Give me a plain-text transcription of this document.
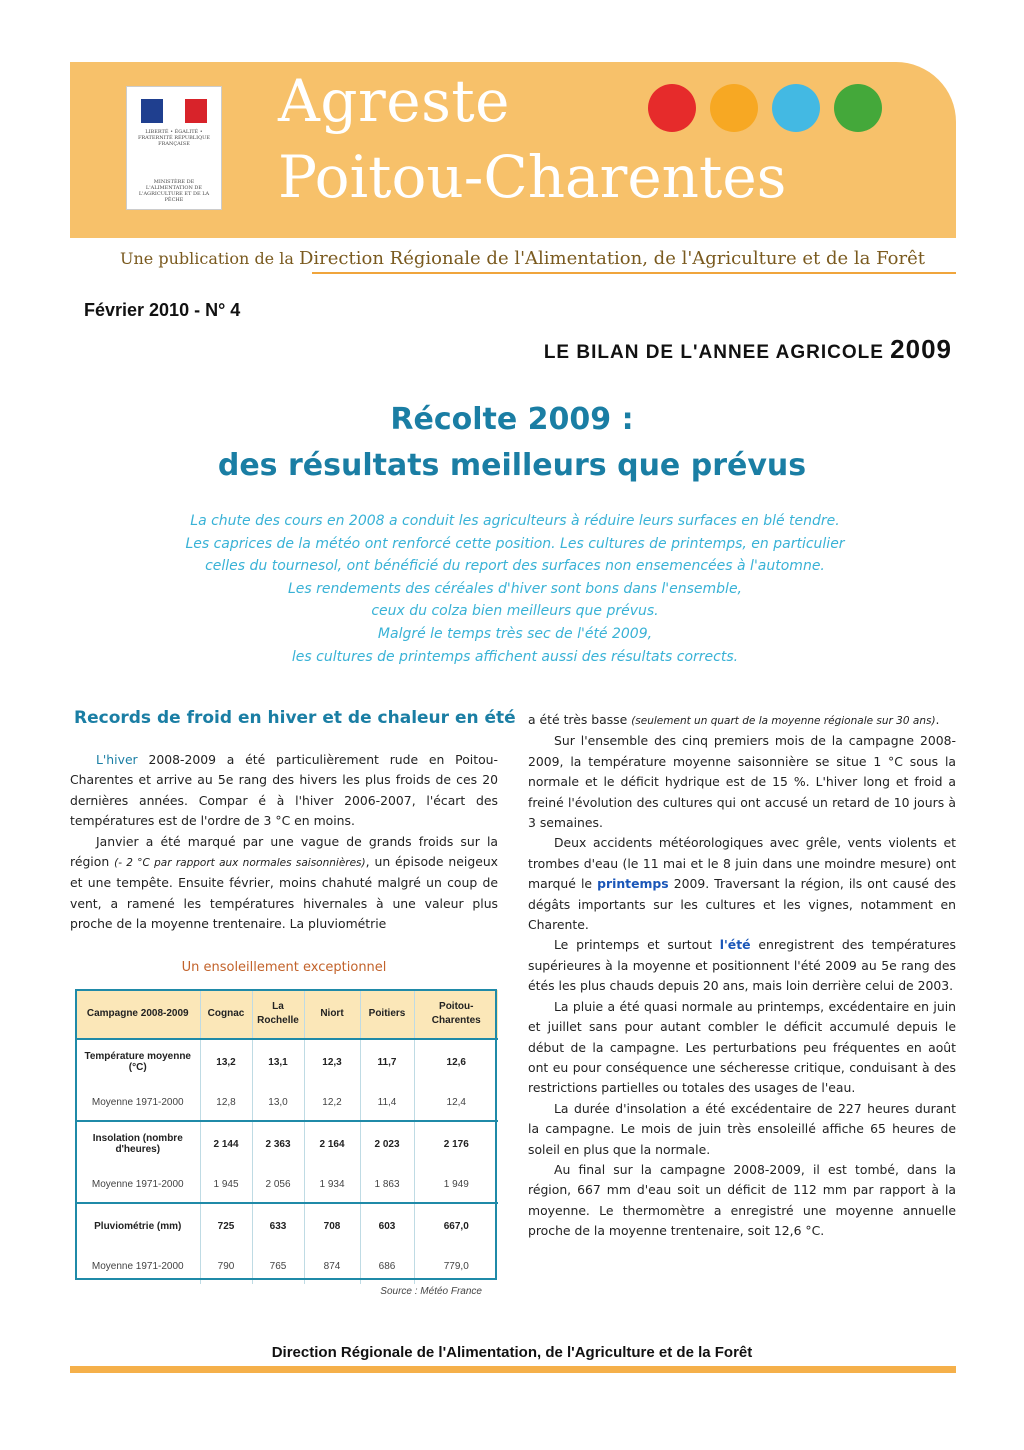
LIBERTÉ • ÉGALITÉ • FRATERNITÉ RÉPUBLIQUE FRANÇAISE
MINISTÈRE DE L'ALIMENTATION DE L'AGRICULTURE ET DE LA PÊCHE
Agreste
Poitou-Charentes
Une publication de la Direction Régionale de l'Alimentation, de l'Agriculture et de la Forêt
Février 2010 - N° 4
LE BILAN DE L'ANNEE AGRICOLE 2009
Récolte 2009 :
des résultats meilleurs que prévus
La chute des cours en 2008 a conduit les agriculteurs à réduire leurs surfaces en blé tendre.
Les caprices de la météo ont renforcé cette position. Les cultures de printemps, en particulier
celles du tournesol, ont bénéficié du report des surfaces non ensemencées à l'automne.
Les rendements des céréales d'hiver sont bons dans l'ensemble,
ceux du colza bien meilleurs que prévus.
Malgré le temps très sec de l'été 2009,
les cultures de printemps affichent aussi des résultats corrects.
Records de froid en hiver et de chaleur en été

L'hiver 2008-2009 a été particulièrement rude en Poitou-Charentes et arrive au 5e rang des hivers les plus froids de ces 20 dernières années. Compar é à l'hiver 2006-2007, l'écart des températures est de l'ordre de 3 °C en moins.

Janvier a été marqué par une vague de grands froids sur la région (- 2 °C par rapport aux normales saisonnières), un épisode neigeux et une tempête. Ensuite février, moins chahuté malgré un coup de vent, a ramené les températures hivernales à une valeur plus proche de la moyenne trentenaire. La pluviométrie

Un ensoleillement exceptionnel
Campagne 2008-2009	Cognac	La Rochelle	Niort	Poitiers	Poitou-Charentes
Température moyenne (°C)	13,2	13,1	12,3	11,7	12,6
Moyenne 1971-2000	12,8	13,0	12,2	11,4	12,4
Insolation (nombre d'heures)	2 144	2 363	2 164	2 023	2 176
Moyenne 1971-2000	1 945	2 056	1 934	1 863	1 949
Pluviométrie (mm)	725	633	708	603	667,0
Moyenne 1971-2000	790	765	874	686	779,0
Source : Météo France
a été très basse (seulement un quart de la moyenne régionale sur 30 ans).

Sur l'ensemble des cinq premiers mois de la campagne 2008-2009, la température moyenne saisonnière se situe 1 °C sous la normale et le déficit hydrique est de 15 %. L'hiver long et froid a freiné l'évolution des cultures qui ont accusé un retard de 10 jours à 3 semaines.

Deux accidents météorologiques avec grêle, vents violents et trombes d'eau (le 11 mai et le 8 juin dans une moindre mesure) ont marqué le printemps 2009. Traversant la région, ils ont causé des dégâts importants sur les cultures et les vignes, notamment en Charente.

Le printemps et surtout l'été enregistrent des températures supérieures à la moyenne et positionnent l'été 2009 au 5e rang des étés les plus chauds depuis 20 ans, mais loin derrière celui de 2003.

La pluie a été quasi normale au printemps, excédentaire en juin et juillet sans pour autant combler le déficit accumulé depuis le début de la campagne. Les perturbations peu fréquentes en août ont eu pour conséquence une sécheresse critique, conduisant à des restrictions partielles ou totales des usages de l'eau.

La durée d'insolation a été excédentaire de 227 heures durant la campagne. Le mois de juin très ensoleillé affiche 65 heures de soleil en plus que la normale.

Au final sur la campagne 2008-2009, il est tombé, dans la région, 667 mm d'eau soit un déficit de 112 mm par rapport à la moyenne. Le thermomètre a enregistré une moyenne annuelle proche de la moyenne trentenaire, soit 12,6 °C.

Direction Régionale de l'Alimentation, de l'Agriculture et de la Forêt
